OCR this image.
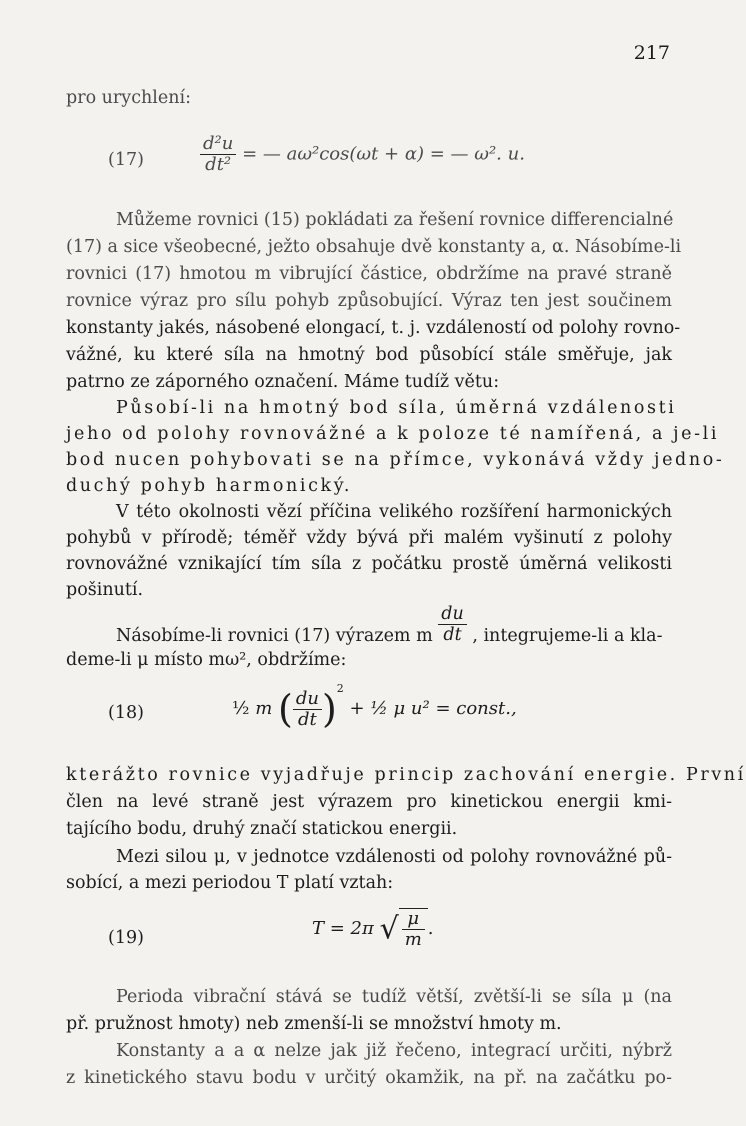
217
pro urychlení:
(17)	$\frac{\text{d²u}}{\text{dt²}}$ = — aω²cos(ωt + α) = — ω². u.
Můžeme rovnici (15) pokládati za řešení rovnice differencialné
(17) a sice všeobecné, ježto obsahuje dvě konstanty a, α. Násobíme-li
rovnici (17) hmotou m vibrující částice, obdržíme na pravé straně
rovnice výraz pro sílu pohyb způsobující. Výraz ten jest součinem
konstanty jakés, násobené elongací, t. j. vzdáleností od polohy rovno-
vážné, ku které síla na hmotný bod působící stále směřuje, jak
patrno ze záporného označení. Máme tudíž větu:
Působí-li na hmotný bod síla, úměrná vzdálenosti
jeho od polohy rovnovážné a k poloze té namířená, a je-li
bod nucen pohybovati se na přímce, vykonává vždy jedno-
duchý pohyb harmonický.
V této okolnosti vězí příčina velikého rozšíření harmonických
pohybů v přírodě; téměř vždy bývá při malém vyšinutí z polohy
rovnovážné vznikající tím síla z počátku prostě úměrná velikosti
pošinutí.
Násobíme-li rovnici (17) výrazem m $\frac{du}{dt}$ , integrujeme-li a kla-
deme-li μ místo mω², obdržíme:
(18)	½ m ( $\frac{du}{dt} )^2$ + ½ μ u² = const.,
kterážto rovnice vyjadřuje princip zachování energie. První
člen na levé straně jest výrazem pro kinetickou energii kmi-
tajícího bodu, druhý značí statickou energii.
Mezi silou μ, v jednotce vzdálenosti od polohy rovnovážné pů-
sobící, a mezi periodou T platí vztah:
(19)	T = 2π √ $\frac{\mu}{m}$ .
Perioda vibrační stává se tudíž větší, zvětší-li se síla μ (na
př. pružnost hmoty) neb zmenší-li se množství hmoty m.
Konstanty a a α nelze jak již řečeno, integrací určiti, nýbrž
z kinetického stavu bodu v určitý okamžik, na př. na začátku po-
